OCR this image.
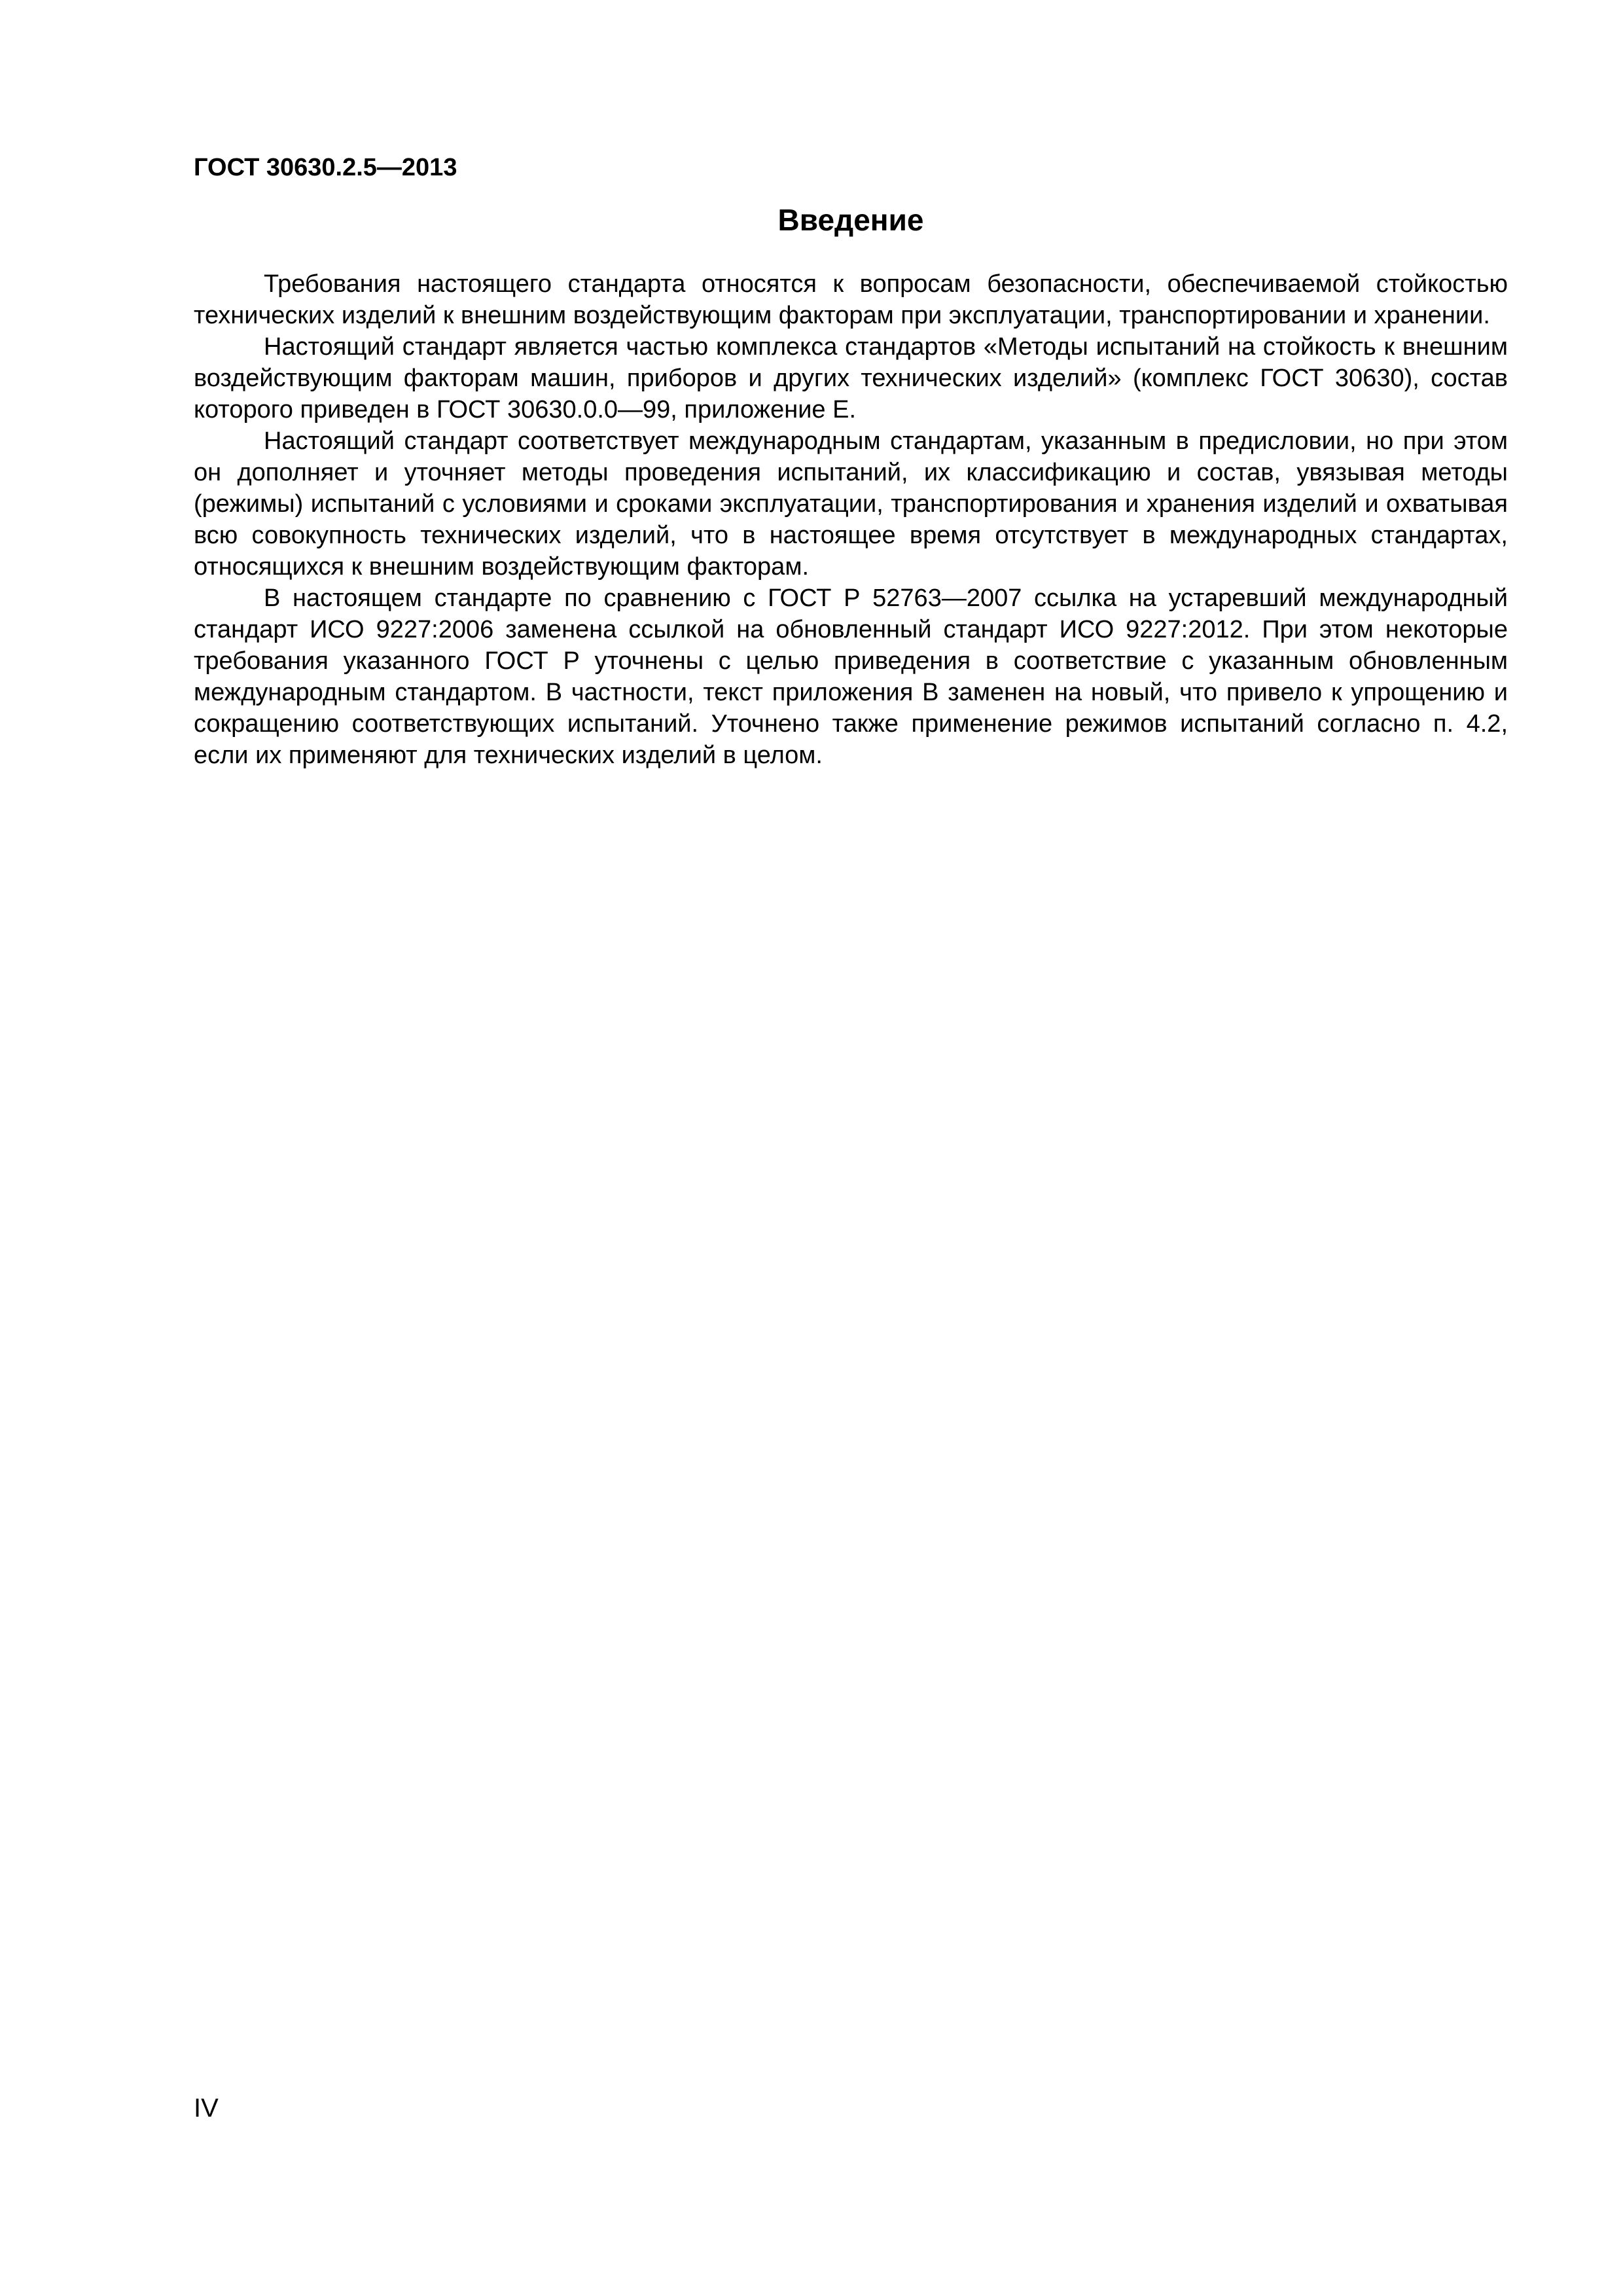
ГОСТ 30630.2.5—2013

Введение

Требования настоящего стандарта относятся к вопросам безопасности, обеспечиваемой стойкостью технических изделий к внешним воздействующим факторам при эксплуатации, транспортировании и хранении.

Настоящий стандарт является частью комплекса стандартов «Методы испытаний на стойкость к внешним воздействующим факторам машин, приборов и других технических изделий» (комплекс ГОСТ 30630), состав которого приведен в ГОСТ 30630.0.0—99, приложение Е.

Настоящий стандарт соответствует международным стандартам, указанным в предисловии, но при этом он дополняет и уточняет методы проведения испытаний, их классификацию и состав, увязывая методы (режимы) испытаний с условиями и сроками эксплуатации, транспортирования и хранения изделий и охватывая всю совокупность технических изделий, что в настоящее время отсутствует в международных стандартах, относящихся к внешним воздействующим факторам.

В настоящем стандарте по сравнению с ГОСТ Р 52763—2007 ссылка на устаревший международный стандарт ИСО 9227:2006 заменена ссылкой на обновленный стандарт ИСО 9227:2012. При этом некоторые требования указанного ГОСТ Р уточнены с целью приведения в соответствие с указанным обновленным международным стандартом. В частности, текст приложения В заменен на новый, что привело к упрощению и сокращению соответствующих испытаний. Уточнено также применение режимов испытаний согласно п. 4.2, если их применяют для технических изделий в целом.

IV
